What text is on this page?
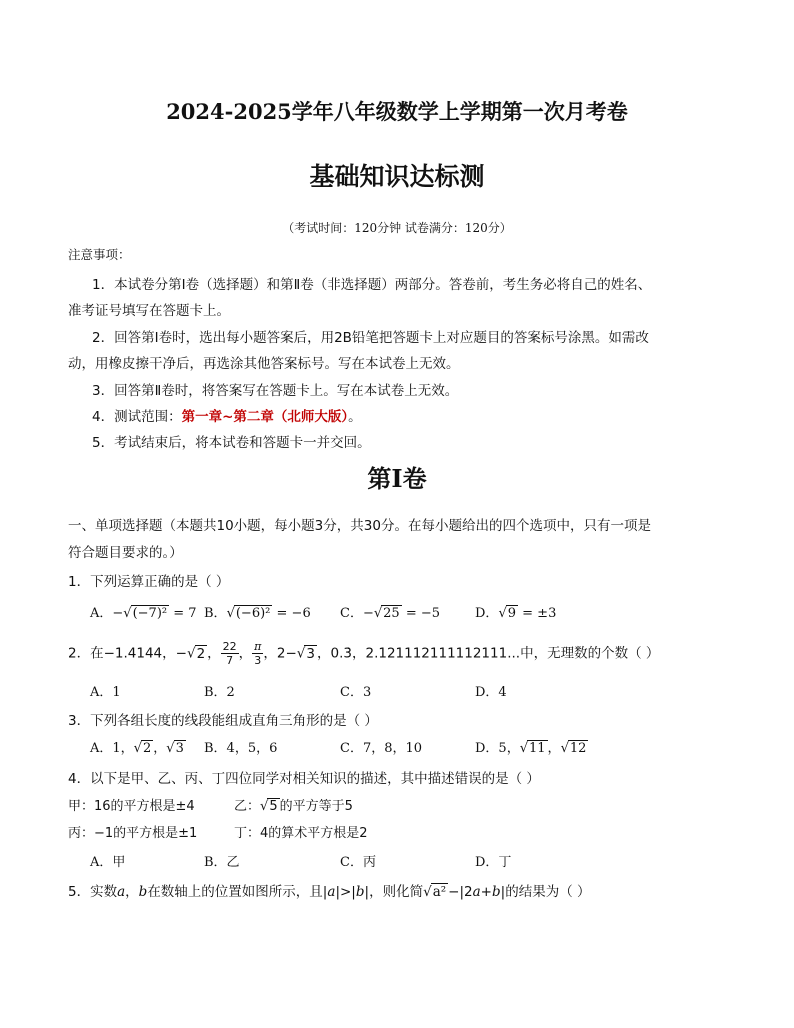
2024-2025学年八年级数学上学期第一次月考卷
基础知识达标测
（考试时间：120分钟 试卷满分：120分）
注意事项：
1．本试卷分第Ⅰ卷（选择题）和第Ⅱ卷（非选择题）两部分。答卷前，考生务必将自己的姓名、
准考证号填写在答题卡上。
2．回答第Ⅰ卷时，选出每小题答案后，用2B铅笔把答题卡上对应题目的答案标号涂黑。如需改
动，用橡皮擦干净后，再选涂其他答案标号。写在本试卷上无效。
3．回答第Ⅱ卷时，将答案写在答题卡上。写在本试卷上无效。
4．测试范围：第一章~第二章（北师大版）。
5．考试结束后，将本试卷和答题卡一并交回。
第Ⅰ卷
一、单项选择题（本题共10小题，每小题3分，共30分。在每小题给出的四个选项中，只有一项是
符合题目要求的。）
1．下列运算正确的是（ ）
A．−√(−7)² = 7 B．√(−6)² = −6 C．−√25 = −5	D．√9 = ±3
2．在−1.4144，−√2 ， $\frac{22}{7}$ ， $\frac{\pi}{3}$ ，2−√3 ，0.3̇，2.121112111112111...中，无理数的个数（ ）
A．1	B．2	C．3	D．4
3．下列各组长度的线段能组成直角三角形的是（ ）
A．1，√2 ，√3 B．4，5，6	C．7，8，10	D．5，√11 ，√12
4．以下是甲、乙、丙、丁四位同学对相关知识的描述，其中描述错误的是（ ）
甲：16的平方根是±4	乙：√5 的平方等于5
丙：−1的平方根是±1	丁：4的算术平方根是2
A．甲	B．乙	C．丙	D．丁
5．实数a，b在数轴上的位置如图所示，且|a|>|b|，则化简√a² −|2a+b|的结果为（ ）
